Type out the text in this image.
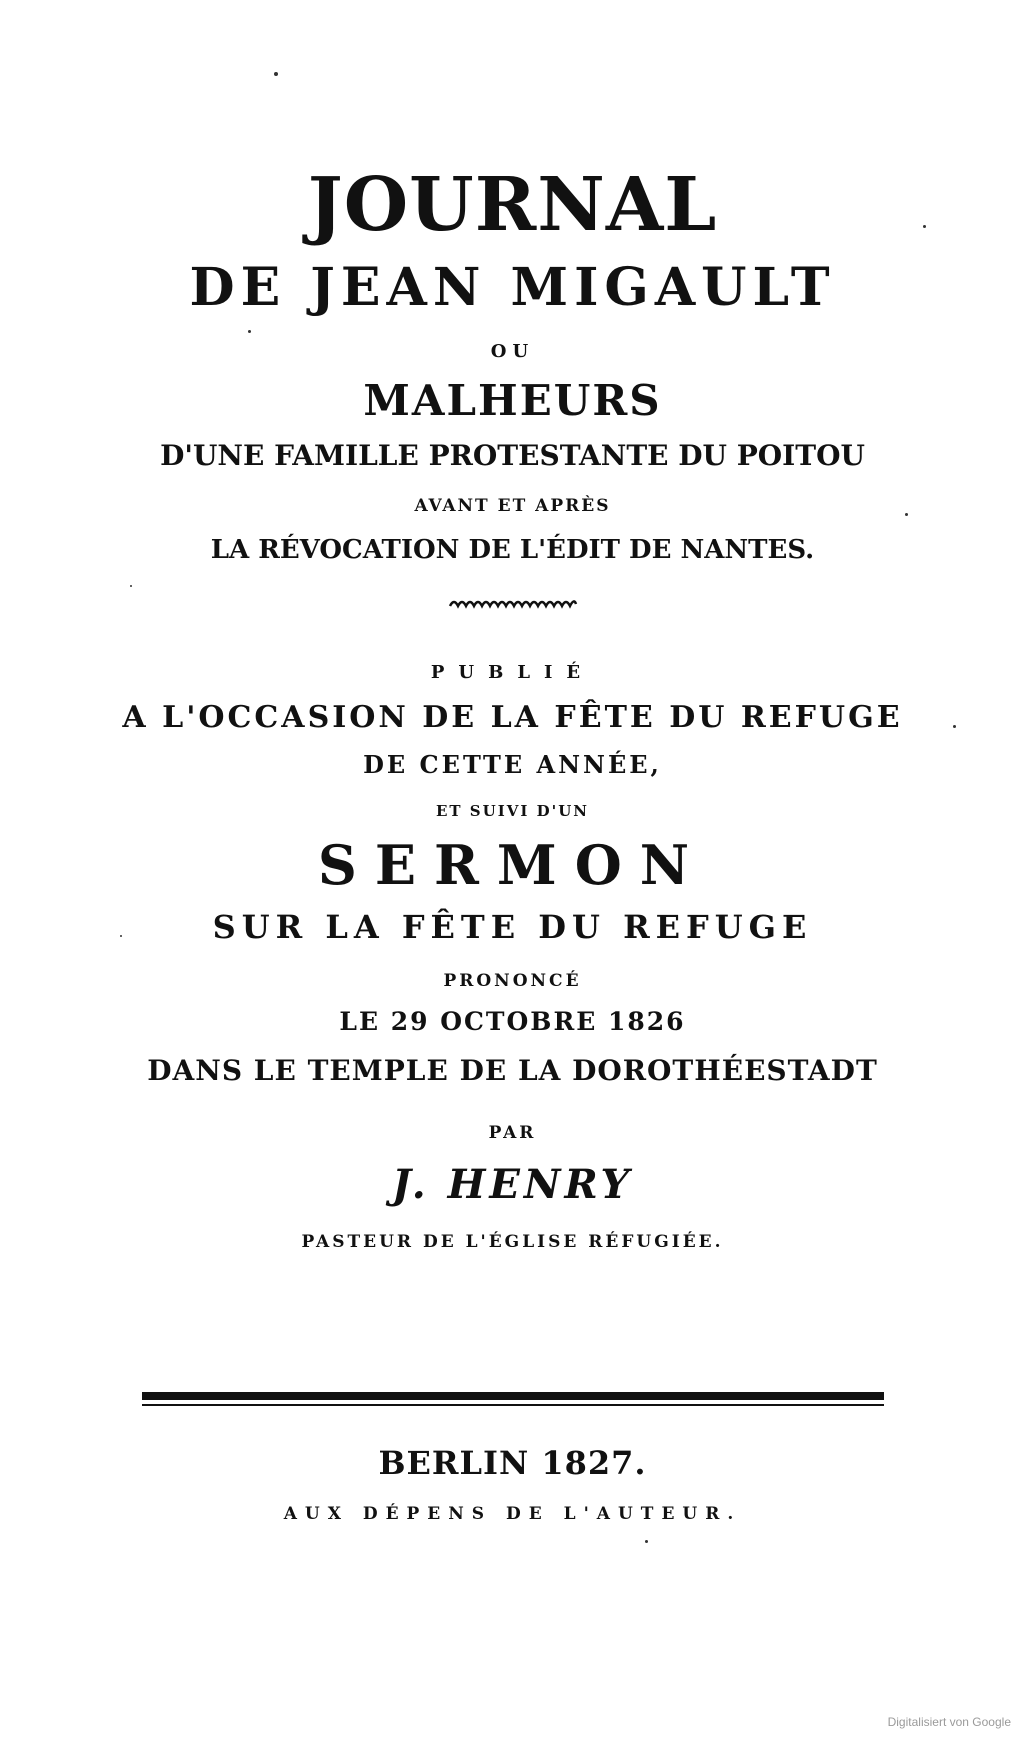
JOURNAL
DE JEAN MIGAULT
OU
MALHEURS
D'UNE FAMILLE PROTESTANTE DU POITOU
AVANT ET APRÈS
LA RÉVOCATION DE L'ÉDIT DE NANTES.
PUBLIÉ
A L'OCCASION DE LA FÊTE DU REFUGE
DE CETTE ANNÉE,
ET SUIVI D'UN
SERMON
SUR LA FÊTE DU REFUGE
PRONONCÉ
LE 29 OCTOBRE 1826
DANS LE TEMPLE DE LA DOROTHÉESTADT
PAR
J. HENRY
PASTEUR DE L'ÉGLISE RÉFUGIÉE.
BERLIN 1827.
AUX DÉPENS DE L'AUTEUR.
Digitalisiert von Google
